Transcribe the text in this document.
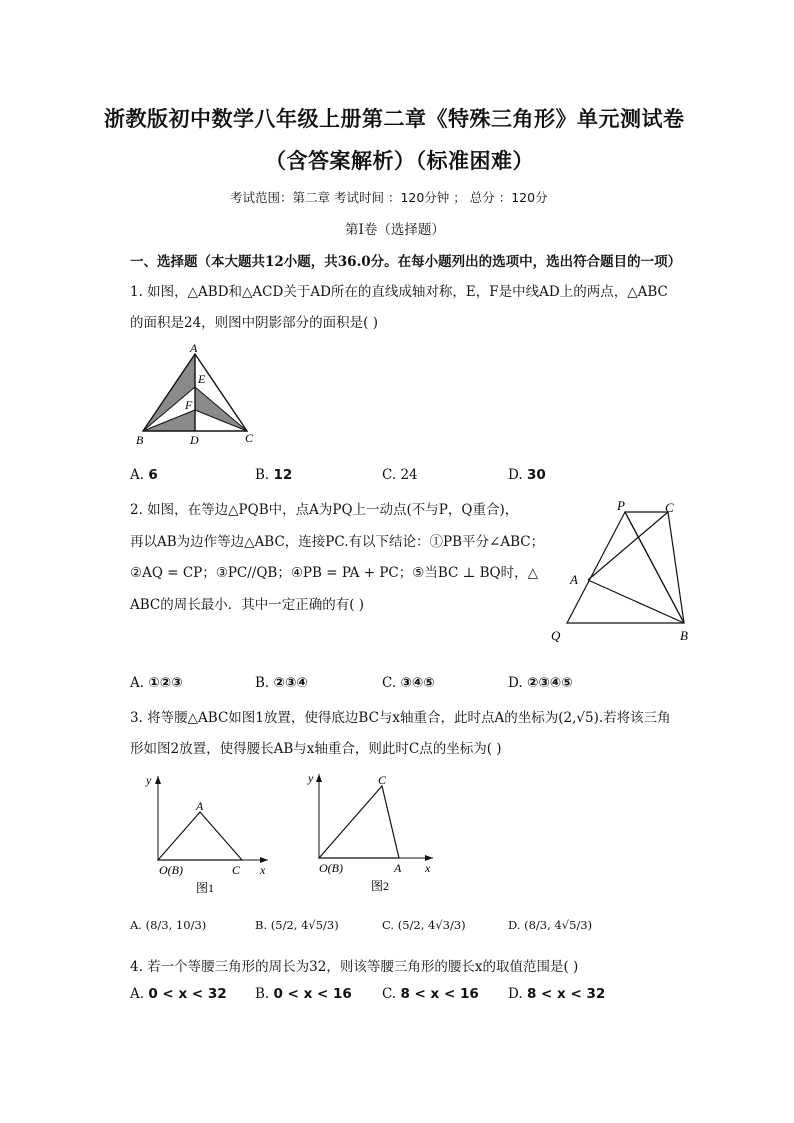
浙教版初中数学八年级上册第二章《特殊三角形》单元测试卷
（含答案解析）（标准困难）
考试范围：第二章 考试时间 ：120分钟 ； 总分 ：120分
第Ⅰ卷（选择题）
一、选择题（本大题共12小题，共36.0分。在每小题列出的选项中，选出符合题目的一项）
1. 如图，△ABD和△ACD关于AD所在的直线成轴对称，E，F是中线AD上的两点，△ABC
的面积是24，则图中阴影部分的面积是( )
A
E
F
B	D	C
A. 6	B. 12	C. 24	D. 30
2. 如图，在等边△PQB中，点A为PQ上一动点(不与P，Q重合)，
再以AB为边作等边△ABC，连接PC.有以下结论：①PB平分∠ABC；
②AQ = CP；③PC//QB；④PB = PA + PC；⑤当BC ⊥ BQ时，△
ABC的周长最小．其中一定正确的有( )
P	C
A
Q	B
A. ①②③	B. ②③④	C. ③④⑤	D. ②③④⑤
3. 将等腰△ABC如图1放置，使得底边BC与x轴重合，此时点A的坐标为(2,√5).若将该三角
形如图2放置，使得腰长AB与x轴重合，则此时C点的坐标为( )
y
x
A
C
O(B)
图1
y
x
C
A
O(B)
图2
A. (8/3, 10/3)	B. (5/2, 4√5/3)	C. (5/2, 4√3/3)	D. (8/3, 4√5/3)
4. 若一个等腰三角形的周长为32，则该等腰三角形的腰长x的取值范围是( )
A. 0 < x < 32 B. 0 < x < 16 C. 8 < x < 16 D. 8 < x < 32
